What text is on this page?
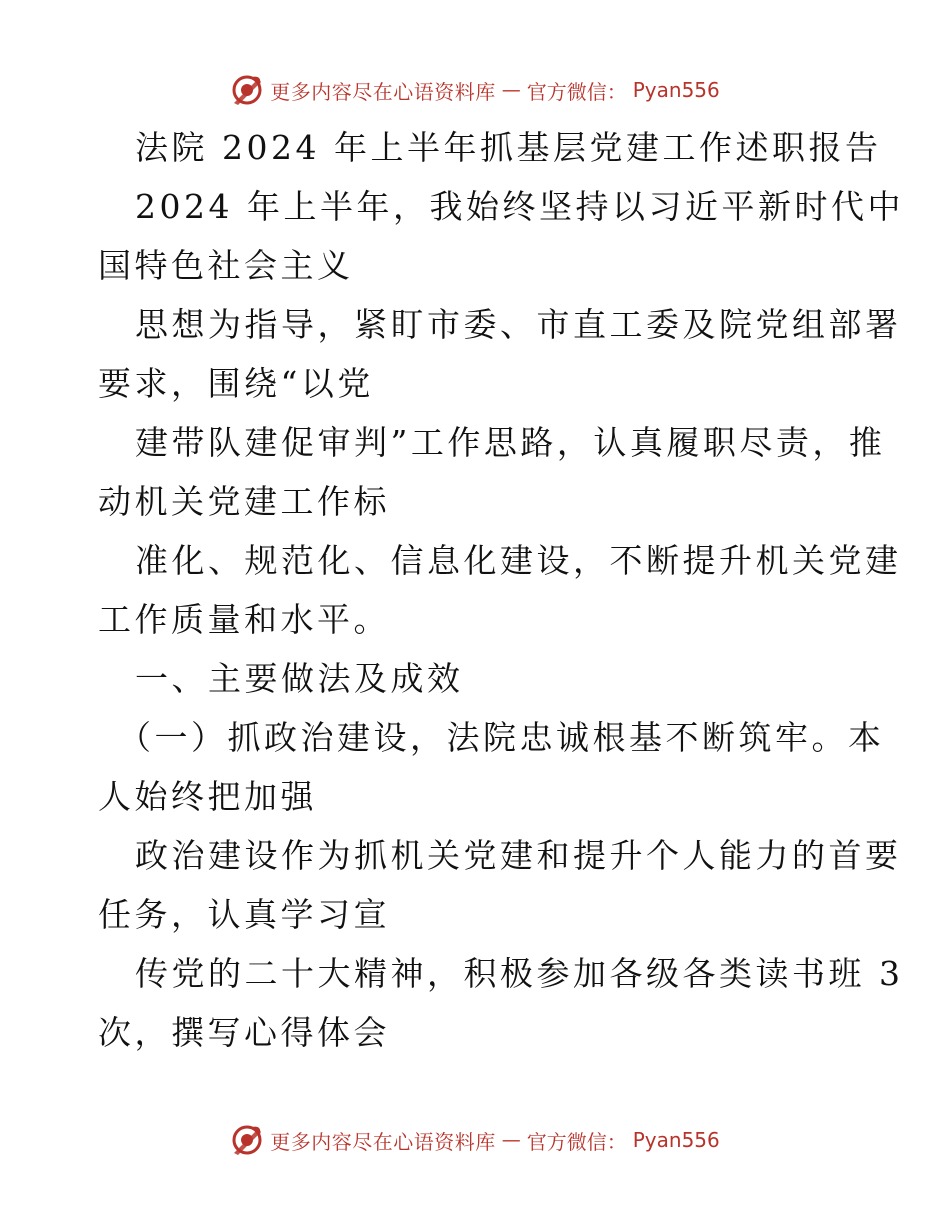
更多内容尽在心语资料库 — 官方微信： Pyan556
法院 2024 年上半年抓基层党建工作述职报告
2024 年上半年，我始终坚持以习近平新时代中
国特色社会主义
思想为指导，紧盯市委、市直工委及院党组部署
要求，围绕“以党
建带队建促审判”工作思路，认真履职尽责，推
动机关党建工作标
准化、规范化、信息化建设，不断提升机关党建
工作质量和水平。
一、主要做法及成效
（一）抓政治建设，法院忠诚根基不断筑牢。本
人始终把加强
政治建设作为抓机关党建和提升个人能力的首要
任务，认真学习宣
传党的二十大精神，积极参加各级各类读书班 3
次，撰写心得体会
更多内容尽在心语资料库 — 官方微信： Pyan556
